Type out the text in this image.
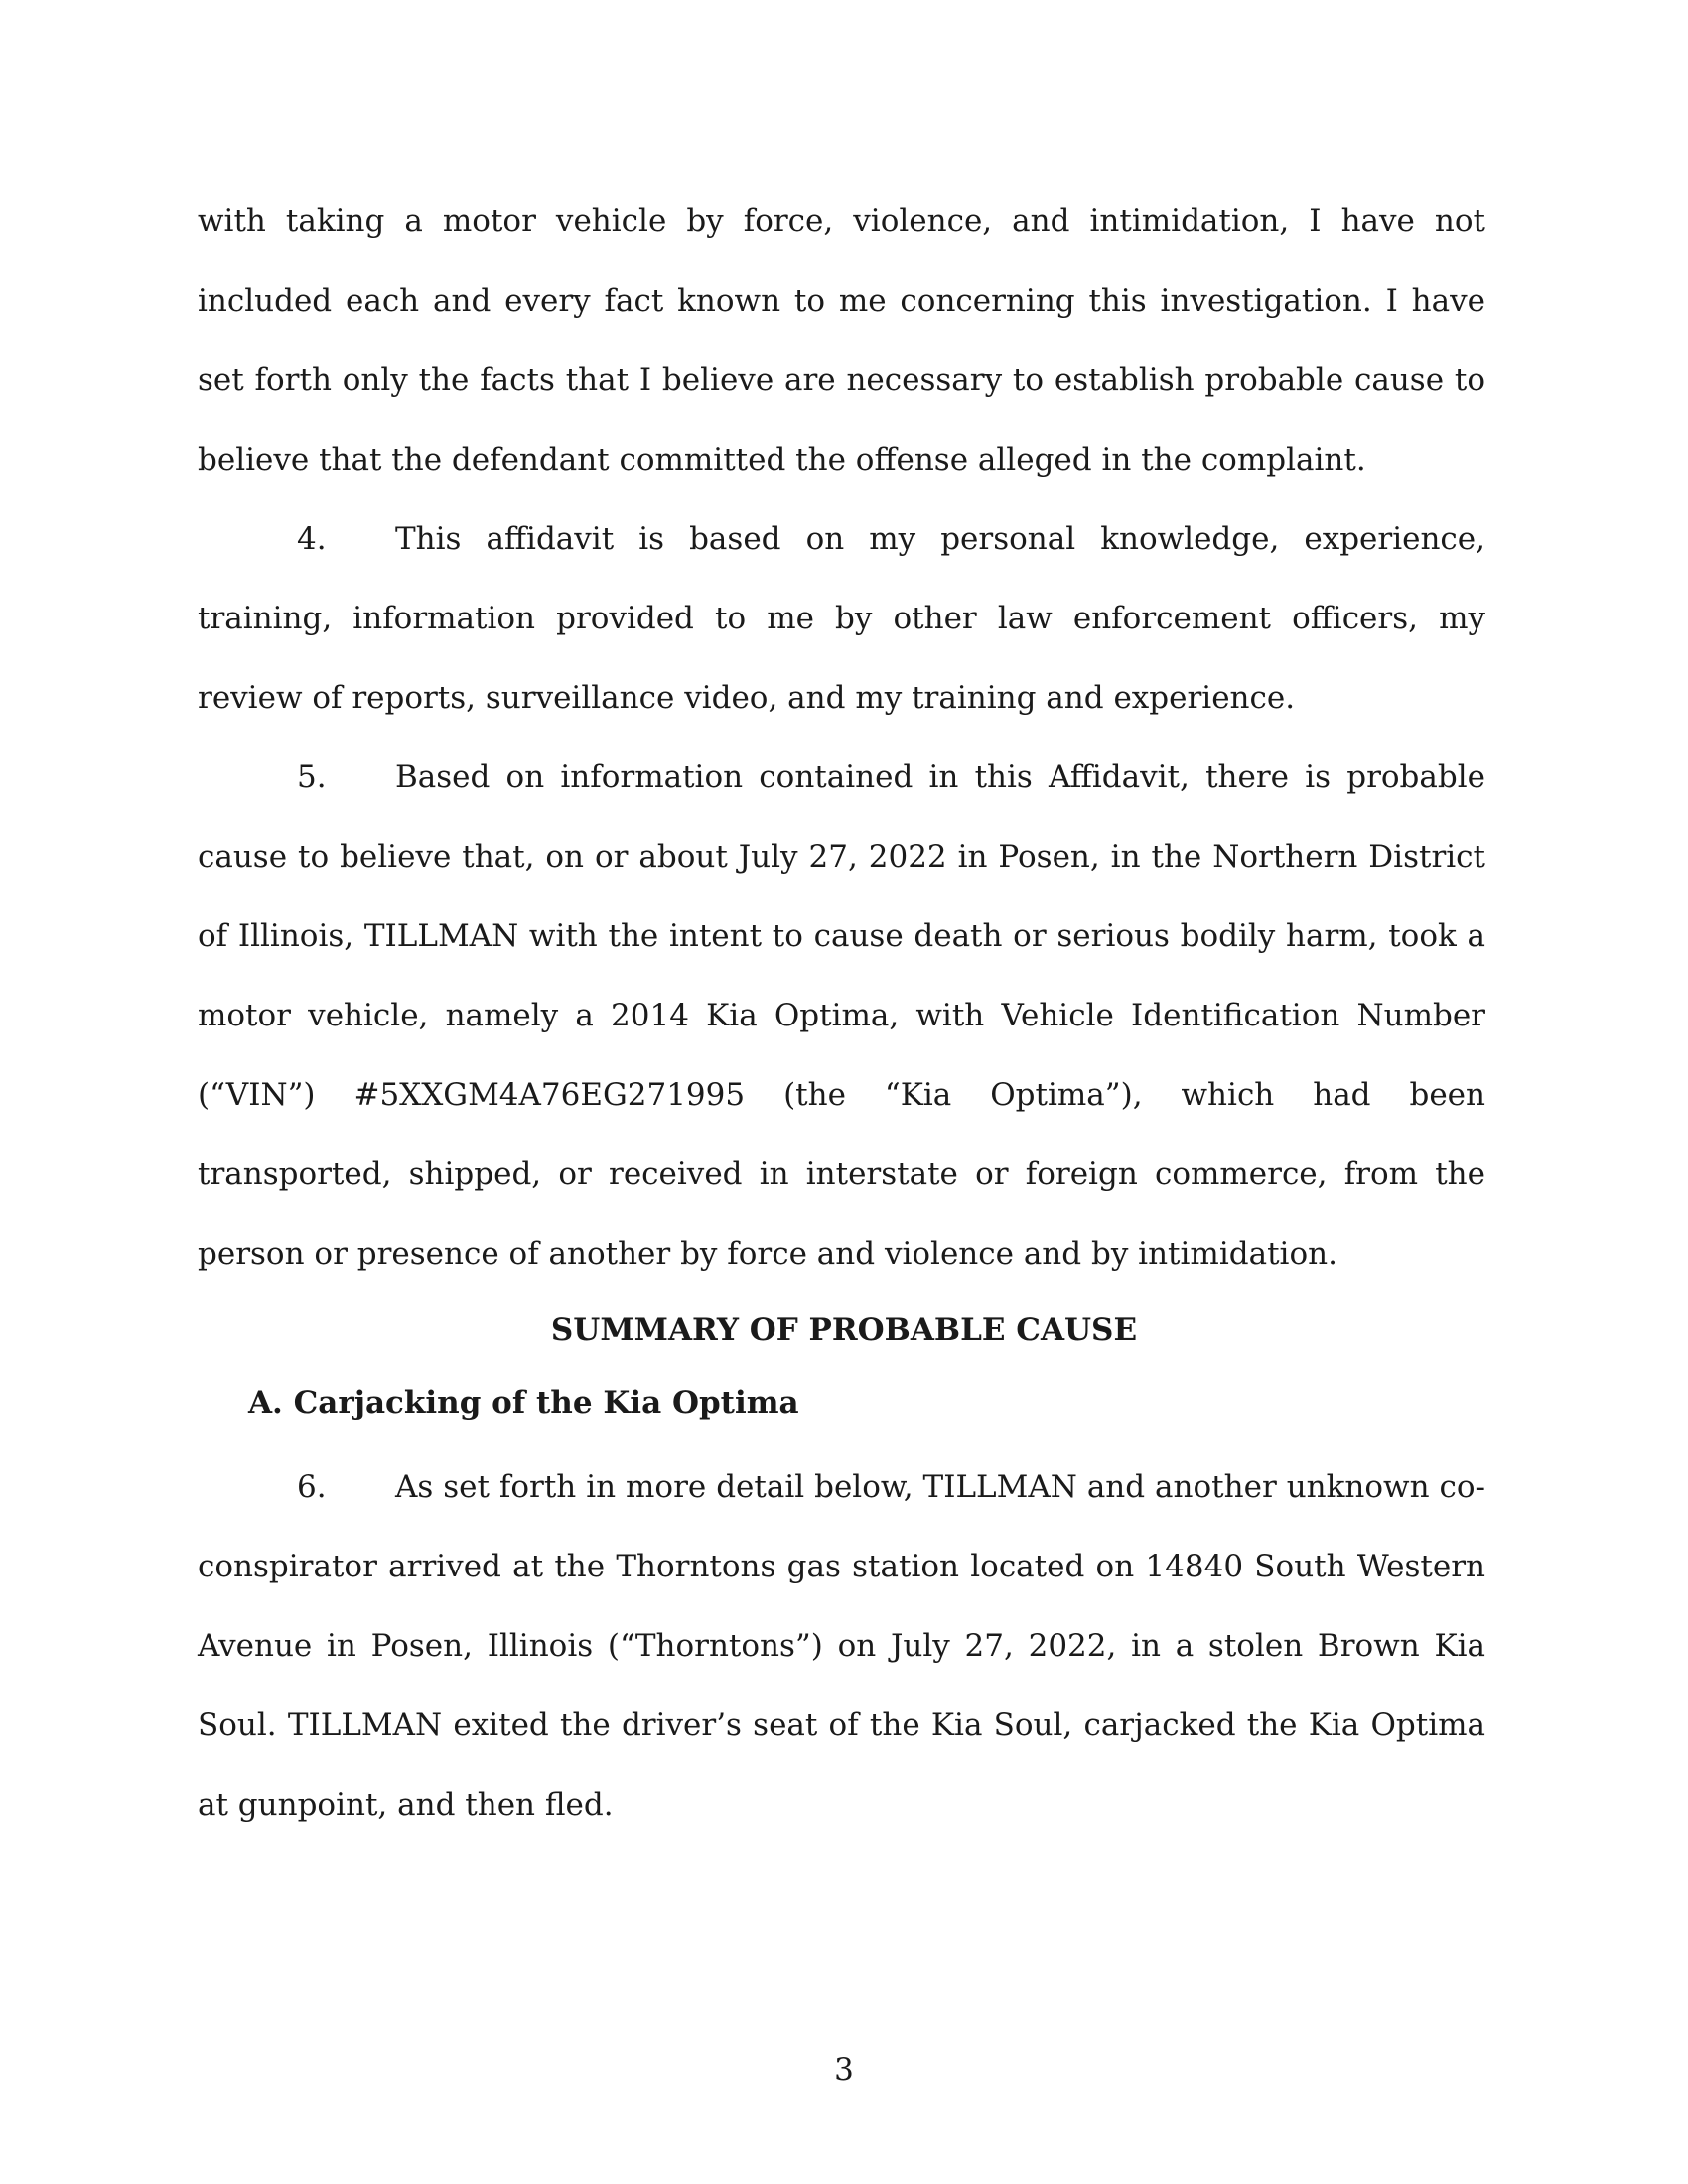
with taking a motor vehicle by force, violence, and intimidation, I have not included each and every fact known to me concerning this investigation. I have set forth only the facts that I believe are necessary to establish probable cause to believe that the defendant committed the offense alleged in the complaint.

4. This affidavit is based on my personal knowledge, experience, training, information provided to me by other law enforcement officers, my review of reports, surveillance video, and my training and experience.

5. Based on information contained in this Affidavit, there is probable cause to believe that, on or about July 27, 2022 in Posen, in the Northern District of Illinois, TILLMAN with the intent to cause death or serious bodily harm, took a motor vehicle, namely a 2014 Kia Optima, with Vehicle Identification Number (“VIN”) #5XXGM4A76EG271995 (the “Kia Optima”), which had been transported, shipped, or received in interstate or foreign commerce, from the person or presence of another by force and violence and by intimidation.

SUMMARY OF PROBABLE CAUSE
A. Carjacking of the Kia Optima

6. As set forth in more detail below, TILLMAN and another unknown co-conspirator arrived at the Thorntons gas station located on 14840 South Western Avenue in Posen, Illinois (“Thorntons”) on July 27, 2022, in a stolen Brown Kia Soul. TILLMAN exited the driver’s seat of the Kia Soul, carjacked the Kia Optima at gunpoint, and then fled.

3
